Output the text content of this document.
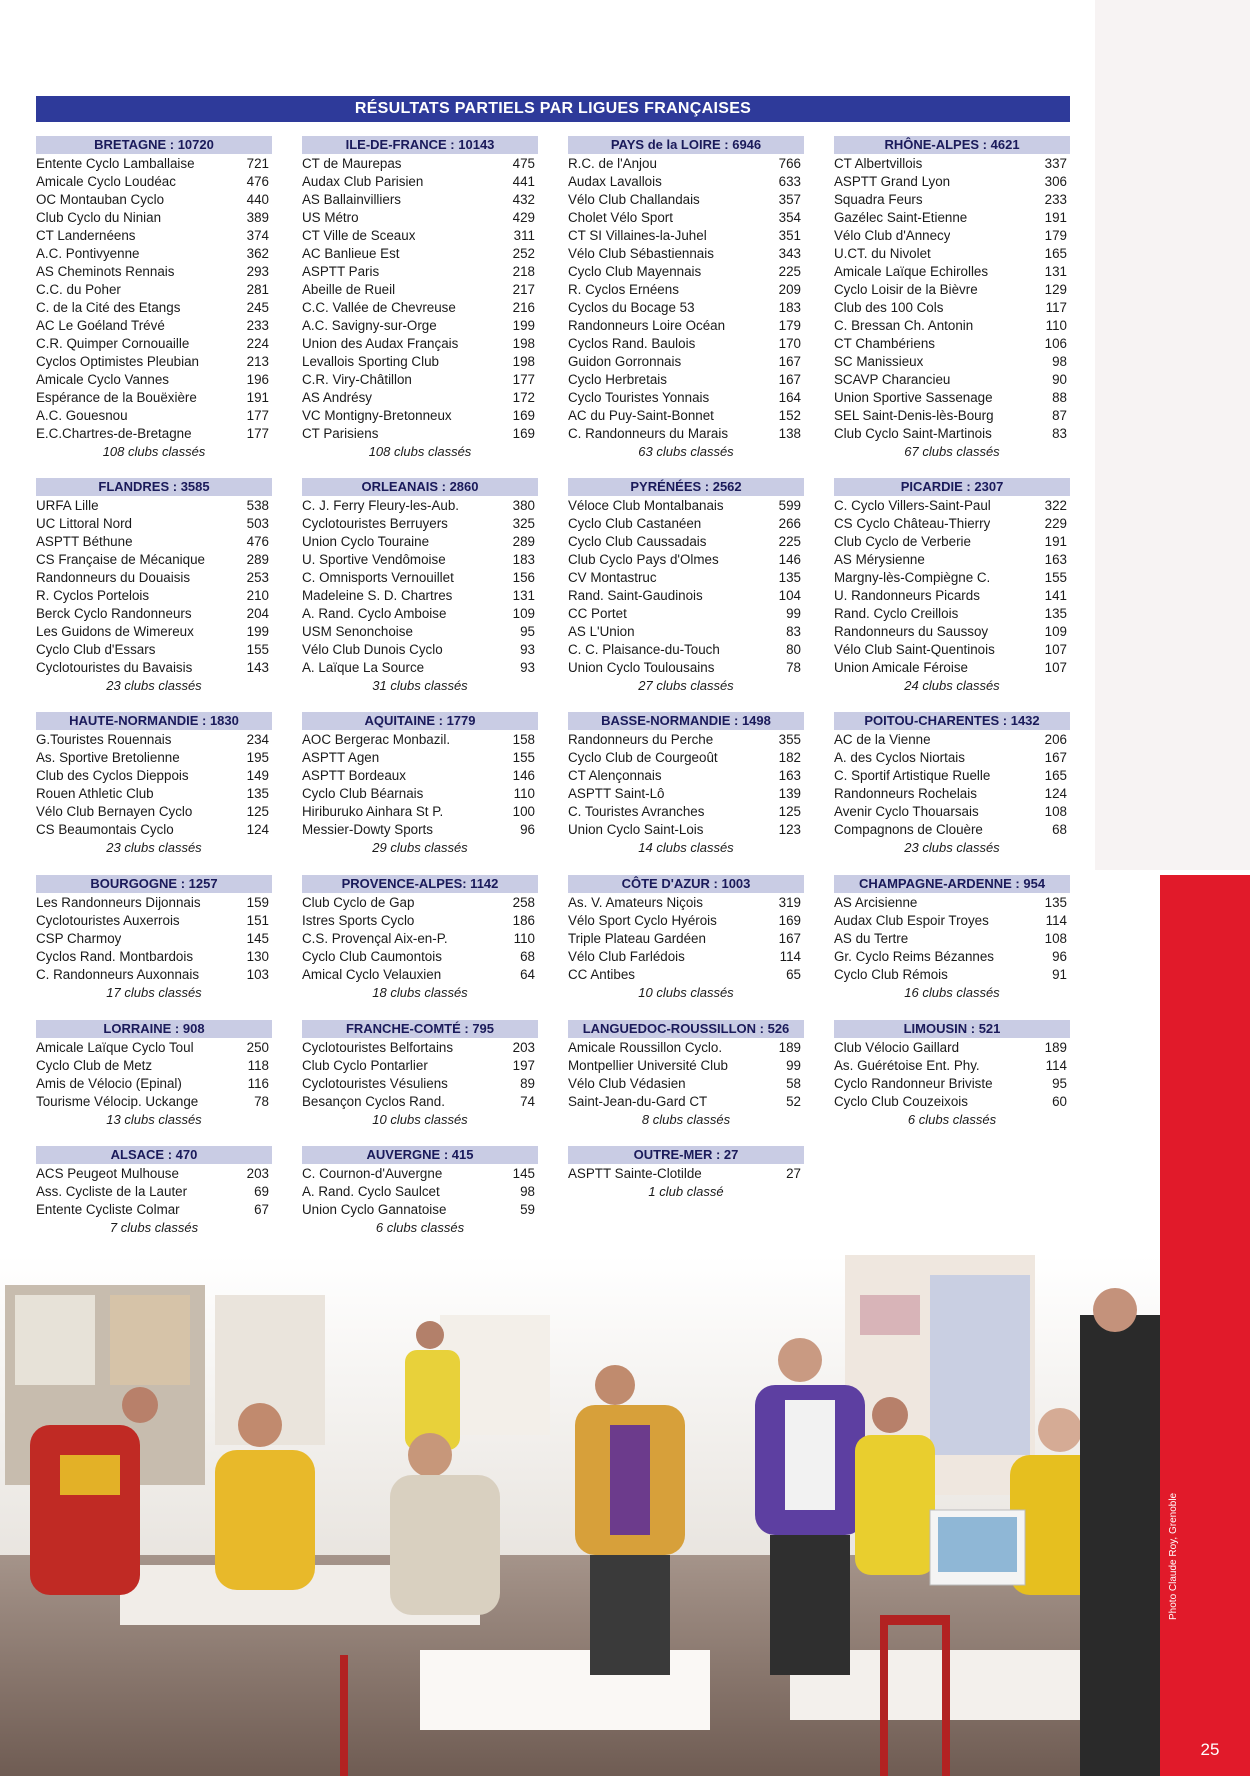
RÉSULTATS PARTIELS PAR LIGUES FRANÇAISES
BRETAGNE : 10720
Entente Cyclo Lamballaise	721
Amicale Cyclo Loudéac	476
OC Montauban Cyclo	440
Club Cyclo du Ninian	389
CT Landernéens	374
A.C. Pontivyenne	362
AS Cheminots Rennais	293
C.C. du Poher	281
C. de la Cité des Etangs	245
AC Le Goéland Trévé	233
C.R. Quimper Cornouaille	224
Cyclos Optimistes Pleubian	213
Amicale Cyclo Vannes	196
Espérance de la Bouëxière	191
A.C. Gouesnou	177
E.C.Chartres-de-Bretagne	177
108 clubs classés
ILE-DE-FRANCE : 10143
CT de Maurepas	475
Audax Club Parisien	441
AS Ballainvilliers	432
US Métro	429
CT Ville de Sceaux	311
AC Banlieue Est	252
ASPTT Paris	218
Abeille de Rueil	217
C.C. Vallée de Chevreuse	216
A.C. Savigny-sur-Orge	199
Union des Audax Français	198
Levallois Sporting Club	198
C.R. Viry-Châtillon	177
AS Andrésy	172
VC Montigny-Bretonneux	169
CT Parisiens	169
108 clubs classés
PAYS de la LOIRE : 6946
R.C. de l'Anjou	766
Audax Lavallois	633
Vélo Club Challandais	357
Cholet Vélo Sport	354
CT SI Villaines-la-Juhel	351
Vélo Club Sébastiennais	343
Cyclo Club Mayennais	225
R. Cyclos Ernéens	209
Cyclos du Bocage 53	183
Randonneurs Loire Océan	179
Cyclos Rand. Baulois	170
Guidon Gorronnais	167
Cyclo Herbretais	167
Cyclo Touristes Yonnais	164
AC du Puy-Saint-Bonnet	152
C. Randonneurs du Marais	138
63 clubs classés
RHÔNE-ALPES : 4621
CT Albertvillois	337
ASPTT Grand Lyon	306
Squadra Feurs	233
Gazélec Saint-Etienne	191
Vélo Club d'Annecy	179
U.CT. du Nivolet	165
Amicale Laïque Echirolles	131
Cyclo Loisir de la Bièvre	129
Club des 100 Cols	117
C. Bressan Ch. Antonin	110
CT Chambériens	106
SC Manissieux	98
SCAVP Charancieu	90
Union Sportive Sassenage	88
SEL Saint-Denis-lès-Bourg	87
Club Cyclo Saint-Martinois	83
67 clubs classés
FLANDRES : 3585
URFA Lille	538
UC Littoral Nord	503
ASPTT Béthune	476
CS Française de Mécanique	289
Randonneurs du Douaisis	253
R. Cyclos Portelois	210
Berck Cyclo Randonneurs	204
Les Guidons de Wimereux	199
Cyclo Club d'Essars	155
Cyclotouristes du Bavaisis	143
23 clubs classés
ORLEANAIS : 2860
C. J. Ferry Fleury-les-Aub.	380
Cyclotouristes Berruyers	325
Union Cyclo Touraine	289
U. Sportive Vendômoise	183
C. Omnisports Vernouillet	156
Madeleine S. D. Chartres	131
A. Rand. Cyclo Amboise	109
USM Senonchoise	95
Vélo Club Dunois Cyclo	93
A. Laïque La Source	93
31 clubs classés
PYRÉNÉES : 2562
Véloce Club Montalbanais	599
Cyclo Club Castanéen	266
Cyclo Club Caussadais	225
Club Cyclo Pays d'Olmes	146
CV Montastruc	135
Rand. Saint-Gaudinois	104
CC Portet	99
AS L'Union	83
C. C. Plaisance-du-Touch	80
Union Cyclo Toulousains	78
27 clubs classés
PICARDIE : 2307
C. Cyclo Villers-Saint-Paul	322
CS Cyclo Château-Thierry	229
Club Cyclo de Verberie	191
AS Mérysienne	163
Margny-lès-Compiègne C.	155
U. Randonneurs Picards	141
Rand. Cyclo Creillois	135
Randonneurs du Saussoy	109
Vélo Club Saint-Quentinois	107
Union Amicale Féroise	107
24 clubs classés
HAUTE-NORMANDIE : 1830
G.Touristes Rouennais	234
As. Sportive Bretolienne	195
Club des Cyclos Dieppois	149
Rouen Athletic Club	135
Vélo Club Bernayen Cyclo	125
CS Beaumontais Cyclo	124
23 clubs classés
AQUITAINE : 1779
AOC Bergerac Monbazil.	158
ASPTT Agen	155
ASPTT Bordeaux	146
Cyclo Club Béarnais	110
Hiriburuko Ainhara St P.	100
Messier-Dowty Sports	96
29 clubs classés
BASSE-NORMANDIE : 1498
Randonneurs du Perche	355
Cyclo Club de Courgeoût	182
CT Alençonnais	163
ASPTT Saint-Lô	139
C. Touristes Avranches	125
Union Cyclo Saint-Lois	123
14 clubs classés
POITOU-CHARENTES : 1432
AC de la Vienne	206
A. des Cyclos Niortais	167
C. Sportif Artistique Ruelle	165
Randonneurs Rochelais	124
Avenir Cyclo Thouarsais	108
Compagnons de Clouère	68
23 clubs classés
BOURGOGNE : 1257
Les Randonneurs Dijonnais	159
Cyclotouristes Auxerrois	151
CSP Charmoy	145
Cyclos Rand. Montbardois	130
C. Randonneurs Auxonnais	103
17 clubs classés
PROVENCE-ALPES: 1142
Club Cyclo de Gap	258
Istres Sports Cyclo	186
C.S. Provençal Aix-en-P.	110
Cyclo Club Caumontois	68
Amical Cyclo Velauxien	64
18 clubs classés
CÔTE D'AZUR : 1003
As. V. Amateurs Niçois	319
Vélo Sport Cyclo Hyérois	169
Triple Plateau Gardéen	167
Vélo Club Farlédois	114
CC Antibes	65
10 clubs classés
CHAMPAGNE-ARDENNE : 954
AS Arcisienne	135
Audax Club Espoir Troyes	114
AS du Tertre	108
Gr. Cyclo Reims Bézannes	96
Cyclo Club Rémois	91
16 clubs classés
LORRAINE : 908
Amicale Laïque Cyclo Toul	250
Cyclo Club de Metz	118
Amis de Vélocio (Epinal)	116
Tourisme Vélocip. Uckange	78
13 clubs classés
FRANCHE-COMTÉ : 795
Cyclotouristes Belfortains	203
Club Cyclo Pontarlier	197
Cyclotouristes Vésuliens	89
Besançon Cyclos Rand.	74
10 clubs classés
LANGUEDOC-ROUSSILLON : 526
Amicale Roussillon Cyclo.	189
Montpellier Université Club	99
Vélo Club Védasien	58
Saint-Jean-du-Gard CT	52
8 clubs classés
LIMOUSIN : 521
Club Vélocio Gaillard	189
As. Guérétoise Ent. Phy.	114
Cyclo Randonneur Briviste	95
Cyclo Club Couzeixois	60
6 clubs classés
ALSACE : 470
ACS Peugeot Mulhouse	203
Ass. Cycliste de la Lauter	69
Entente Cycliste Colmar	67
7 clubs classés
AUVERGNE : 415
C. Cournon-d'Auvergne	145
A. Rand. Cyclo Saulcet	98
Union Cyclo Gannatoise	59
6 clubs classés
OUTRE-MER : 27
ASPTT Sainte-Clotilde	27
1 club classé
Photo Claude Roy, Grenoble
25
